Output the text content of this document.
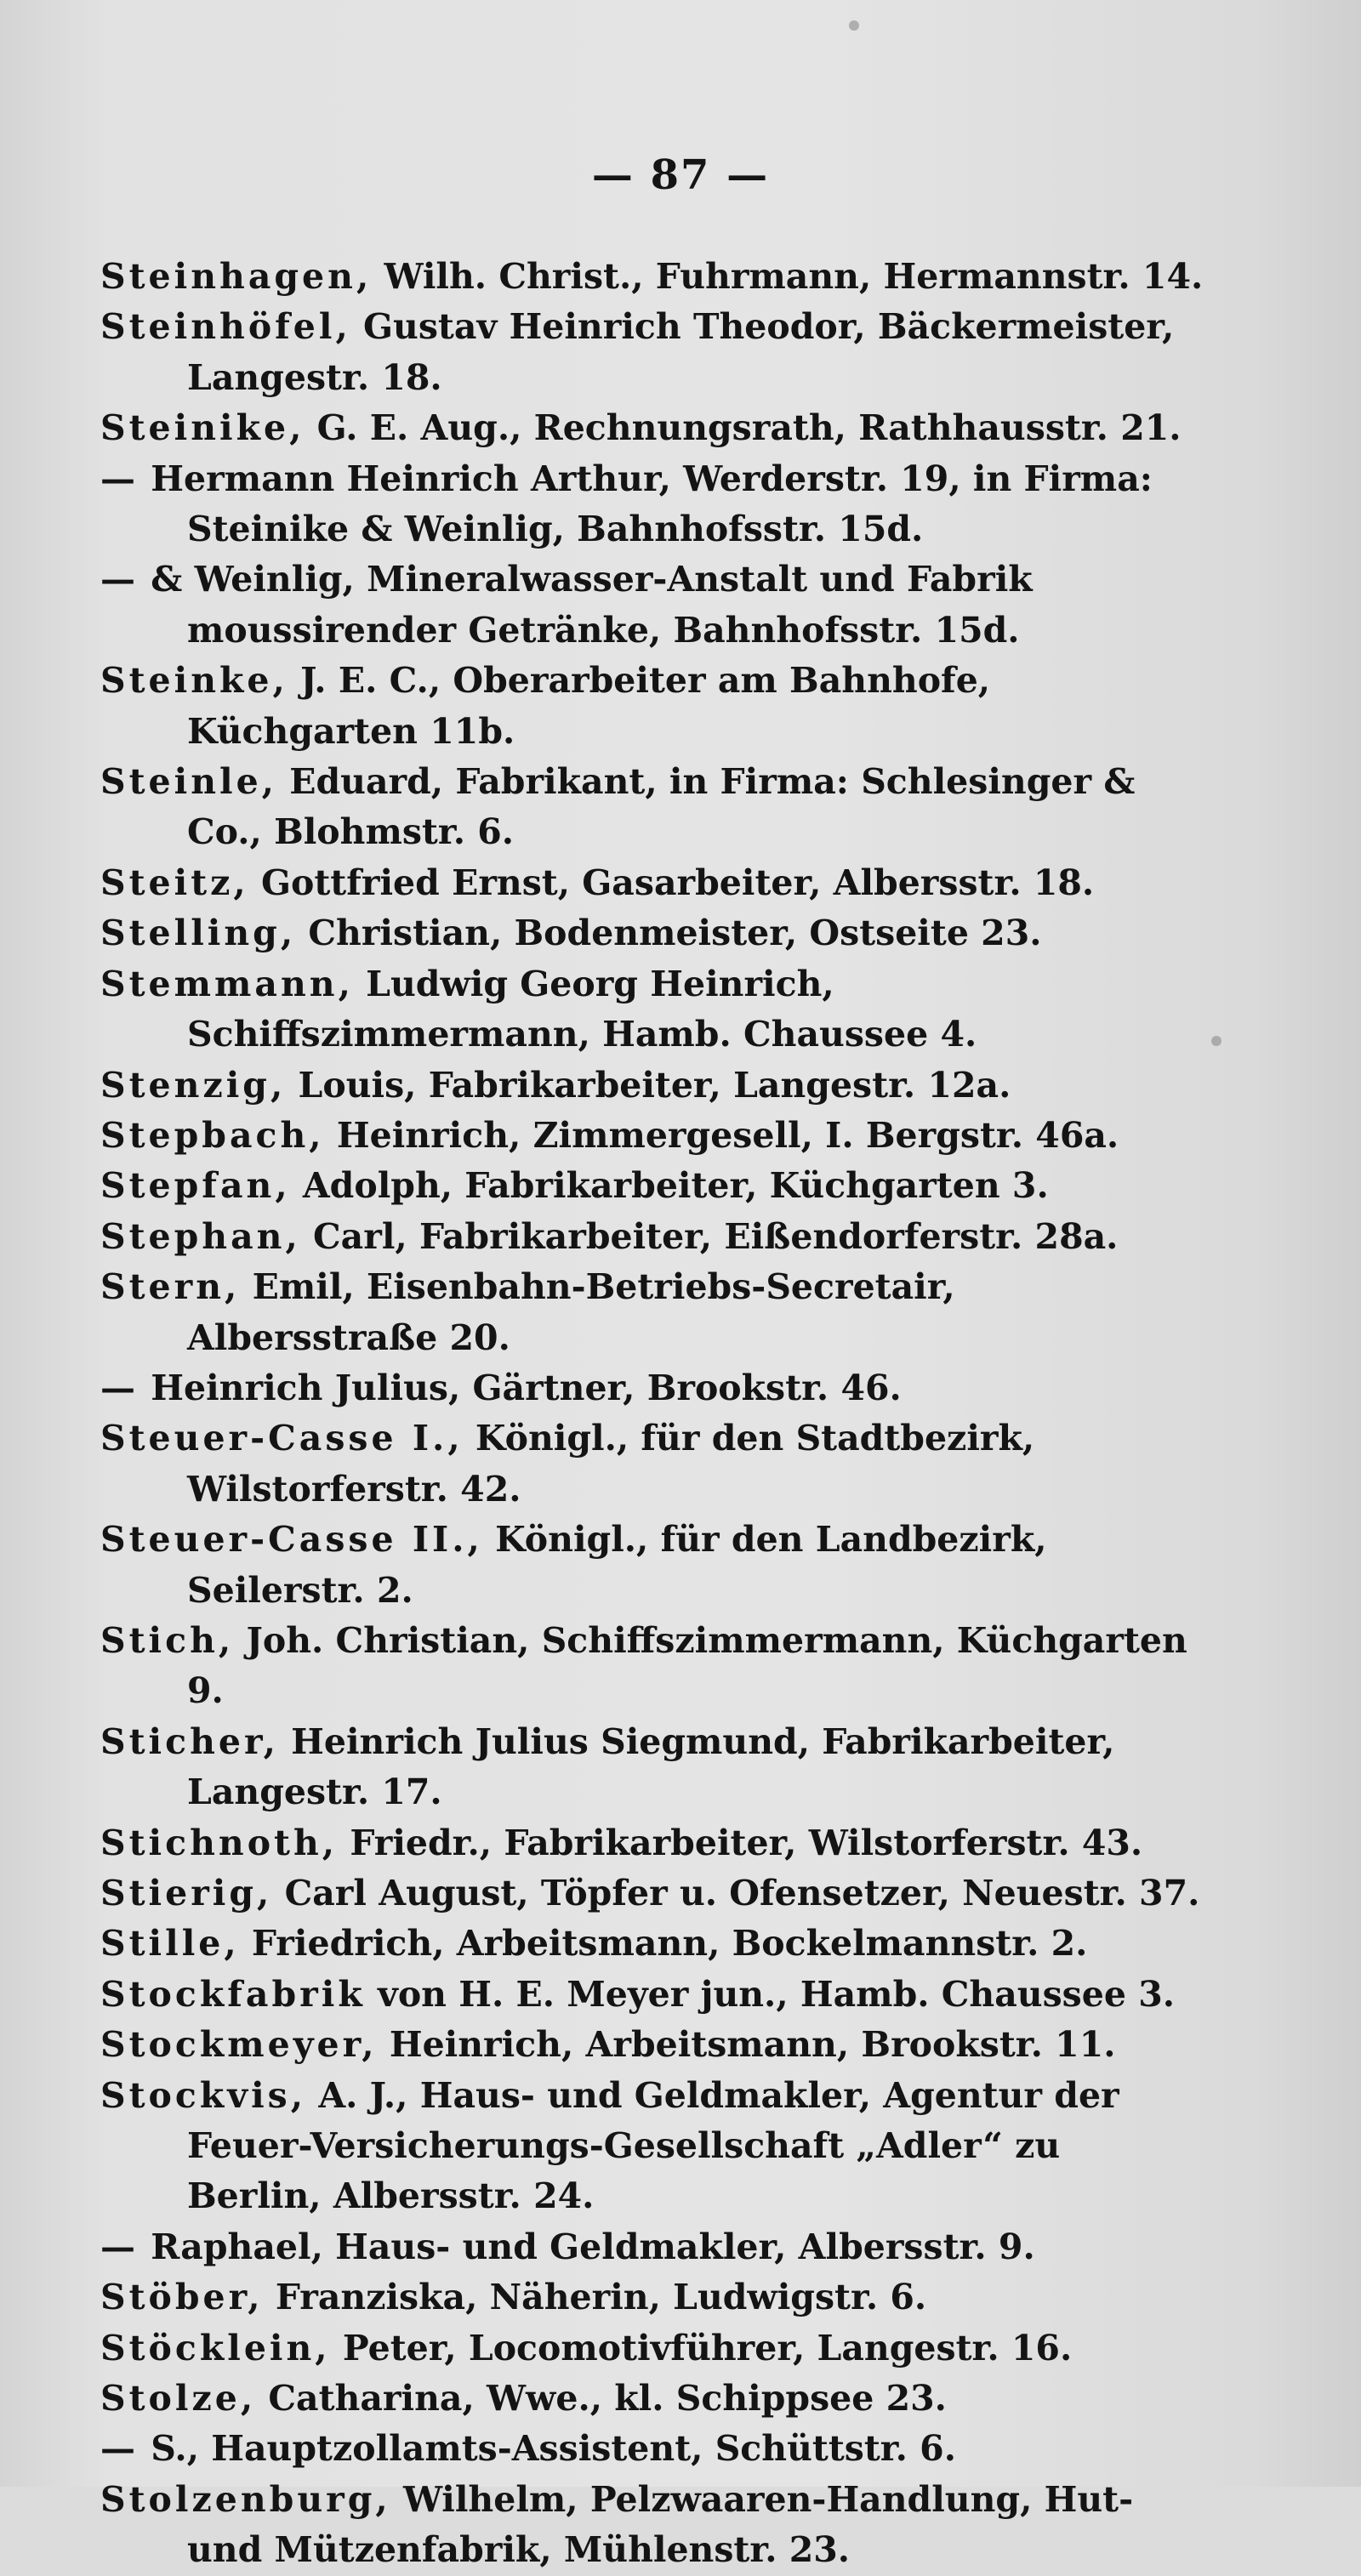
— 87 —
Steinhagen, Wilh. Christ., Fuhrmann, Hermannstr. 14.
Steinhöfel, Gustav Heinrich Theodor, Bäckermeister, Langestr. 18.
Steinike, G. E. Aug., Rechnungsrath, Rathhausstr. 21.
— Hermann Heinrich Arthur, Werderstr. 19, in Firma: Steinike & Weinlig, Bahnhofsstr. 15d.
— & Weinlig, Mineralwasser-Anstalt und Fabrik moussirender Getränke, Bahnhofsstr. 15d.
Steinke, J. E. C., Oberarbeiter am Bahnhofe, Küchgarten 11b.
Steinle, Eduard, Fabrikant, in Firma: Schlesinger & Co., Blohmstr. 6.
Steitz, Gottfried Ernst, Gasarbeiter, Albersstr. 18.
Stelling, Christian, Bodenmeister, Ostseite 23.
Stemmann, Ludwig Georg Heinrich, Schiffszimmermann, Hamb. Chaussee 4.
Stenzig, Louis, Fabrikarbeiter, Langestr. 12a.
Stepbach, Heinrich, Zimmergesell, I. Bergstr. 46a.
Stepfan, Adolph, Fabrikarbeiter, Küchgarten 3.
Stephan, Carl, Fabrikarbeiter, Eißendorferstr. 28a.
Stern, Emil, Eisenbahn-Betriebs-Secretair, Albersstraße 20.
— Heinrich Julius, Gärtner, Brookstr. 46.
Steuer-Casse I., Königl., für den Stadtbezirk, Wilstorferstr. 42.
Steuer-Casse II., Königl., für den Landbezirk, Seilerstr. 2.
Stich, Joh. Christian, Schiffszimmermann, Küchgarten 9.
Sticher, Heinrich Julius Siegmund, Fabrikarbeiter, Langestr. 17.
Stichnoth, Friedr., Fabrikarbeiter, Wilstorferstr. 43.
Stierig, Carl August, Töpfer u. Ofensetzer, Neuestr. 37.
Stille, Friedrich, Arbeitsmann, Bockelmannstr. 2.
Stockfabrik von H. E. Meyer jun., Hamb. Chaussee 3.
Stockmeyer, Heinrich, Arbeitsmann, Brookstr. 11.
Stockvis, A. J., Haus- und Geldmakler, Agentur der Feuer-Versicherungs-Gesellschaft „Adler“ zu Berlin, Albersstr. 24.
— Raphael, Haus- und Geldmakler, Albersstr. 9.
Stöber, Franziska, Näherin, Ludwigstr. 6.
Stöcklein, Peter, Locomotivführer, Langestr. 16.
Stolze, Catharina, Wwe., kl. Schippsee 23.
— S., Hauptzollamts-Assistent, Schüttstr. 6.
Stolzenburg, Wilhelm, Pelzwaaren-Handlung, Hut- und Mützenfabrik, Mühlenstr. 23.
